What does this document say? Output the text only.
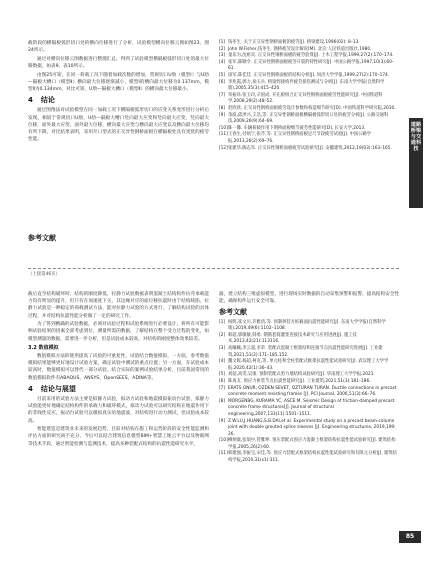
截阶段的横隔板弧形切口处的横向位移进行了分析，试验模型横向位移云图如图23、图24所示。

通过对横向位移云图数据进行整理汇总，得到了试验模型横隔板弧形切口处的最大位移数据，如表9、表10所示。

由图25可知，在同一荷载工况下随着加载次数的增加，常规切口U肋（模型Ⅰ）与U肋—隔板大槽口（模型Ⅱ）横向最大位移逐渐减小，模型Ⅰ的横向最大位移为0.137mm，模型Ⅱ为0.134mm，对比可知，U肋—隔板大槽口（模型Ⅱ）的横向最大位移最小。

4 结论

通过图像法对试验模型在同一加载工况下横隔板弧形切口的应变关系变形进行分析后发现，相较于常规切口U肋，U肋—隔板大槽口竖向最大应变和竖向最大应变，竖向最大位移，面外最大应变，面外最大位移，横向最大应变与横向最大应变以及横向最大位移均有所下降。对比结果表明，采用开口型式的正交异性钢桥面板在横隔板处具有更优的疲劳性能。

参考文献
[1] 钱冬生. 关于正交异性钢桥面板的疲劳[J]. 桥梁建设,1996(02): 8–13.
[2] John W.Fisher,钱冬生. 钢桥疲劳设计解说[M]. 北京:人民铁道出版社,1980.
[3] 童乐为,沈祖炎. 正交异性钢桥面板的疲劳验算[J]. 土木工程学报,1999,27(2):170–174.
[4] 张军,陈顺令. 正交异性钢桥面板疲劳开裂的特性研究[J]. 中国公路学报,1997,10(3):60–61.
[5] 徐军,陈佳廷. 正交异性钢桥面板的结构分析[J]. 同济大学学报,1999,27(2):170–174.
[6] 李兆霞,郭力,徐玉兵. 桥梁焊接构件疲劳损伤测试与分析[J]. 东南大学学报(自然科学版),2005,35(3):415–420.
[7] 荣振环,张玉玲,辛国成. 开孔板组合正交异性钢桥面板疲劳性能研究[J]. 中国铁道科学,2008,29(2):48–52.
[8] 赵欣欣. 正交异性钢桥面板疲劳设计参数和构造细节研究[D]. 中国铁道科学研究院,2010.
[9] 余波,邱洪兴,王浩,等. 正交异性钢桥面板横隔板弧形切口处的疲劳分析[J]. 公路交通科技,2009,26(9):64–69.
[10] 陈一馨. 车辆荷载作用下钢桥面板细节疲劳性能研究[D]. 长安大学,2013.
[11] 王春生,付炳宁,张芹,等. 正交异性钢桥面板足尺节段疲劳试验[J]. 中国公路学报,2013,26(2):69–76.
[12] 张建华,陶志军. 正交异性钢桥面板疲劳试验研究[J]. 安徽建筑,2012,19(03):163–165.
（上接第46页）

截后直至结构破坏时，结构的刚度降低，拉静力试验数据表明混凝土结构构件抗弯承载能力均有明显的提升，但只有在加速度下关，其边缘对应的面位移抗震时由于结构缺陷，拉静力试验是一种稳定的荷载测试方法，能对拉静力试验的方式进行，了解结构试验的具体过程，并对结构抗震性能分析做了一定的研究工作。

为了得到精确的试验数据，必须对试验过程和试验系统进行必要设计，将所有可能影响试验结果的因素全部考虑到位，测量所需的数据，了解结构在整个受力过程的变化，如模型测量的数据，需要进一步分析，但是试验成本较高，对结构的刚度整体效果较差。

3.2 数值模拟

数值模拟方法的使用提高了试验的可重复性，试验结合数值模拟，一方面，参考数值模拟结果能够更好地设计试验方案，确定试验中测试的重点位置；另一方面，在试验成本较高时，数值模拟可以替代一部分试验。结合实际的案例试验结果分析，目前我国常用的数值模拟软件有ABAQUS、ANSYS、OpenSEES、ADINA等。

4 结论与展望

目前采用的试验方法主要是拟静力试验，拟动力试验和地震模拟振动台试验，拟静力试验能更好地确定结构构件的承载力和破坏模式，拟动力试验可以研究结构在地震作用下的非线性反应，振动台试验可以模拟真实的地震波，对结构进行动力测试，但试验成本较高。

智能建造是建筑业未来的发展趋势，目前对结构在施工和运营阶段的安全性能监测和评估方面的研究尚不充分，今后可以结合建筑信息模型BIM+智慧工地云平台以及物联网等技术手段，通过智能检测与监测技术，提高多种装配式结构的抗震性能研究水平。

器，建立结构三维虚拟模型，进行现场实时数据的自动采集预警和报警，提高结构安全性能，确保构件运行安全可靠。

参考文献
[1] 杨辉,崔文川,许雅清,等. 预制拼装方桩截面抗震性能研究[J]. 东南大学学报(自然科学版),2019,49(6):1102–1108.
[2] 韩超,郭敏敏,韩勇. 钢筋套筒灌浆连接技术研究与应用进展[J]. 施工技术,2013,42(21):113116.
[3] 高曦曦,李云超,李荣. 装配式混凝土框架结构连接节点抗震性能研究进展[J]. 工业建筑,2021,51(2):171–185,152.
[4] 魏文晖,杨超,柯克,等. 单元柱和全柱装配式框架抗震性能试验研究[J]. 武汉理工大学学报,2020,42(1):36–43.
[5] 刘超,高雯,吴康. 预制装配式剪力墙结构试验研究[J]. 华南理工大学学报,2021.
[6] 陈再友. 预应力拼装节点抗震性能研究[J]. 工业建筑,2021,51(3):181–186.
[7] ERATS ONUR, OZDEN SEVET, OZTURAN TURAN. Ductile connections in precast concrete moment resisting frames [J]. PCI Journal, 2006,51(3):66–76.
[8] MORGENBG, KURAMA YC, ASCE M. Seismic Design of friction-damped precast concrete frame structures[J]. Journal of structural engineering,2007,133(11):1501–1511.
[9] Z.W.LU,J.HUANG,S.B.DAI,et al. Experimental study on a precast beam-column joint with double grouted splice sleeves [J]. Engineering structures, 2019,199: 26.
[10] 柳炳康,张瑞中,管雅坤. 预压装配式预应力混凝土框架结构抗震性能试验研究[J]. 建筑结构学报,2005,26(2):60.
[11] 韩建强,李振宝,宋佳,等. 预应力装配式框架结构抗震性能试验研究和有限元分析[J]. 建筑结构学报,2010,31(s1):311.
道路桥梁
与交通科技
85
